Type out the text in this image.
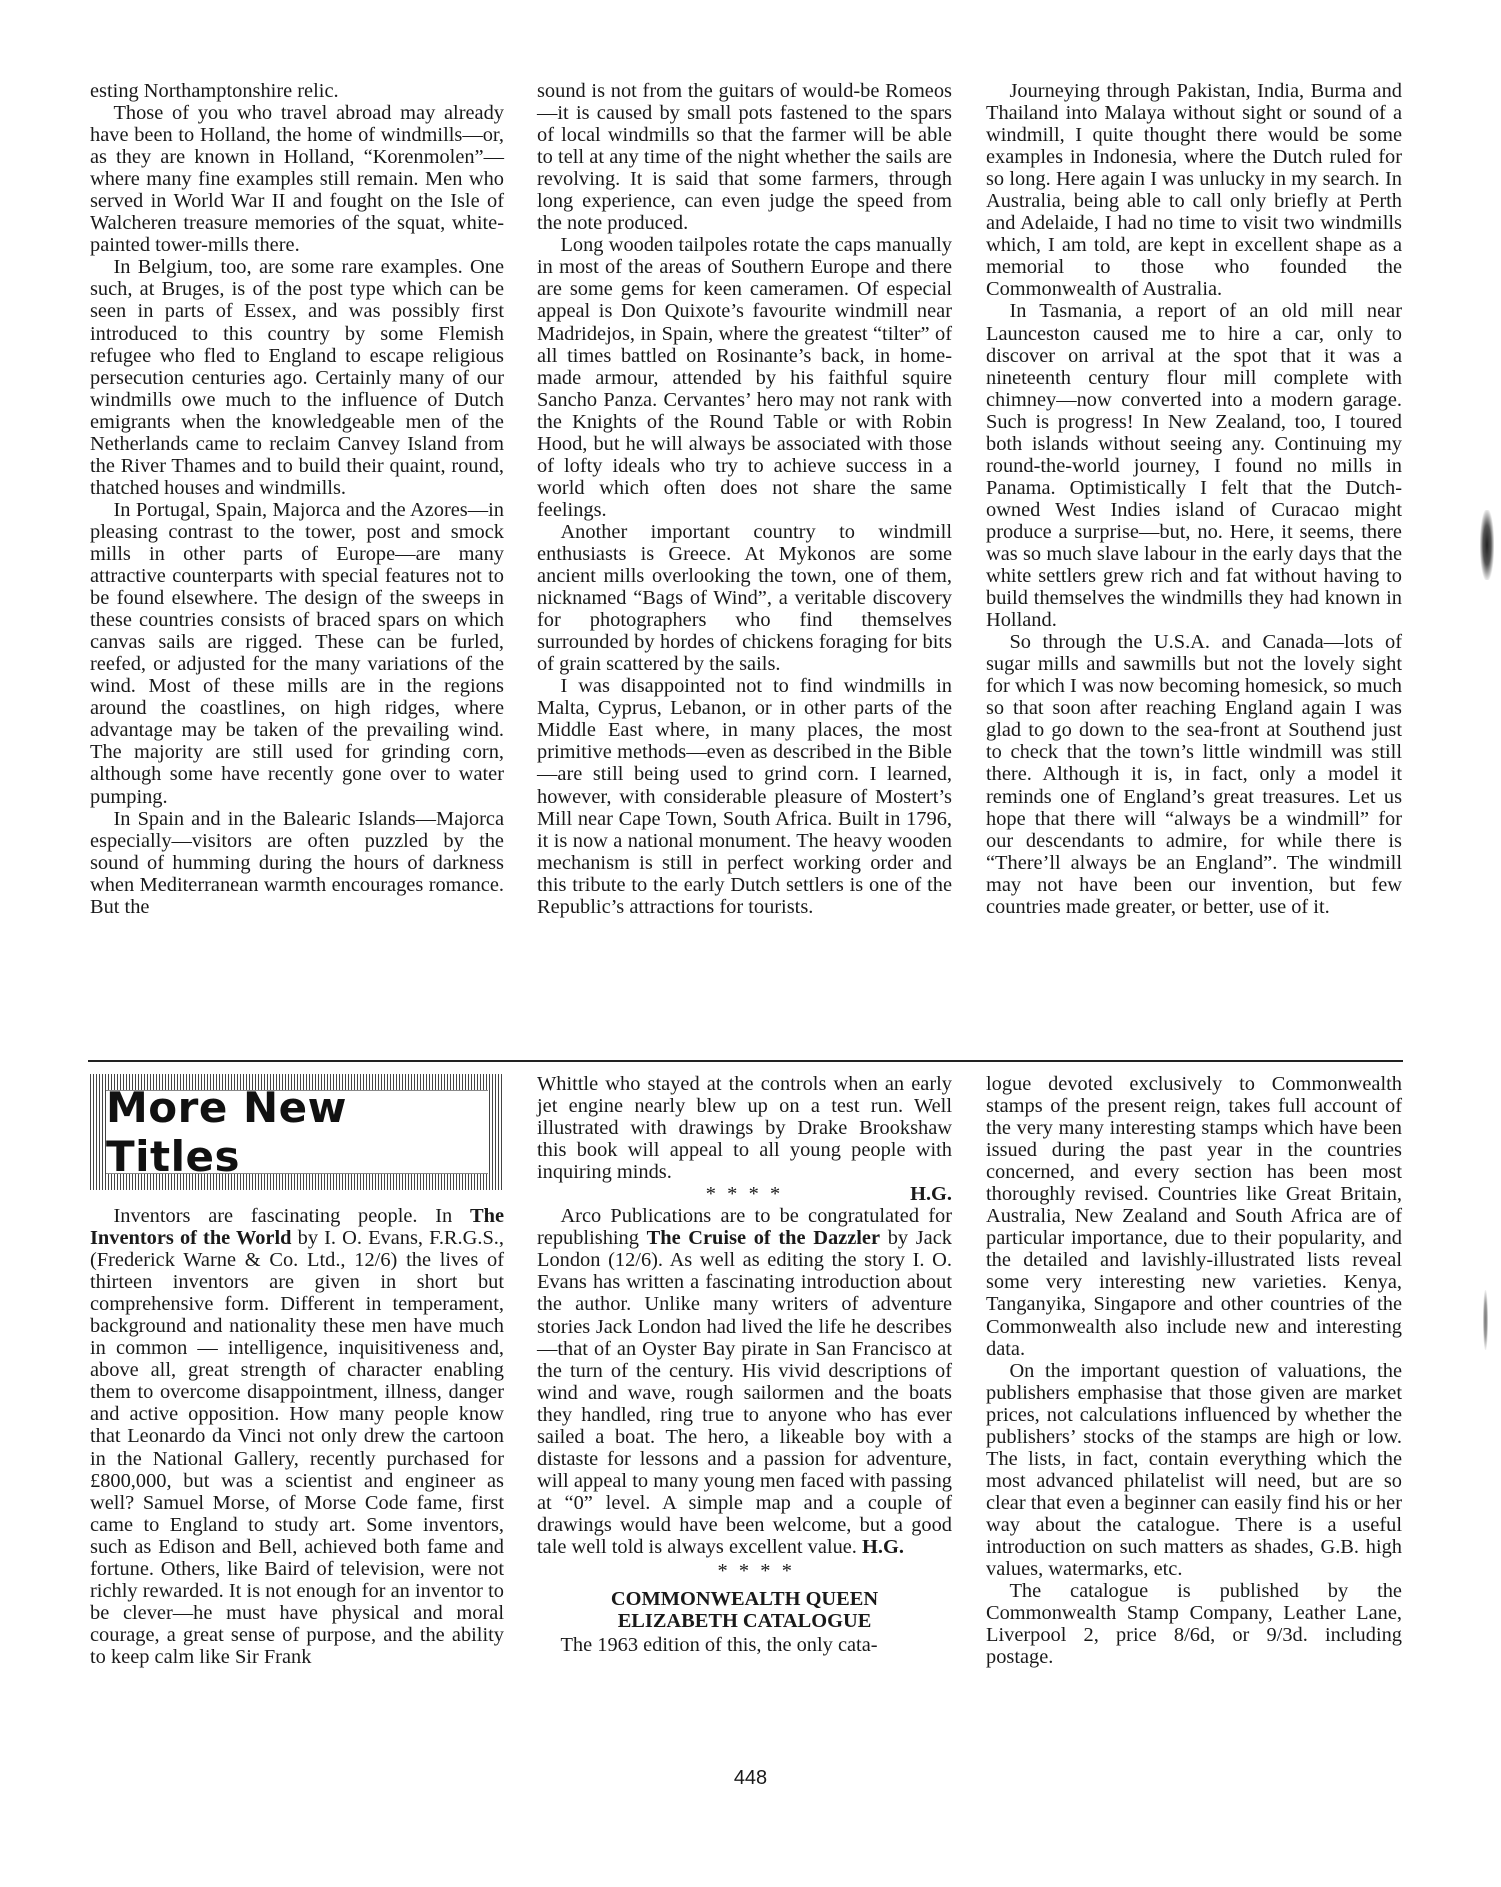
esting Northamptonshire relic.

Those of you who travel abroad may already have been to Holland, the home of windmills—or, as they are known in Holland, “Korenmolen”—where many fine examples still remain. Men who served in World War II and fought on the Isle of Walcheren treasure memories of the squat, white-painted tower-mills there.

In Belgium, too, are some rare examples. One such, at Bruges, is of the post type which can be seen in parts of Essex, and was possibly first introduced to this country by some Flemish refugee who fled to England to escape religious persecution centuries ago. Certainly many of our windmills owe much to the influence of Dutch emigrants when the knowledgeable men of the Netherlands came to reclaim Canvey Island from the River Thames and to build their quaint, round, thatched houses and windmills.

In Portugal, Spain, Majorca and the Azores—in pleasing contrast to the tower, post and smock mills in other parts of Europe—are many attractive counterparts with special features not to be found elsewhere. The design of the sweeps in these countries consists of braced spars on which canvas sails are rigged. These can be furled, reefed, or adjusted for the many variations of the wind. Most of these mills are in the regions around the coastlines, on high ridges, where advantage may be taken of the prevailing wind. The majority are still used for grinding corn, although some have recently gone over to water pumping.

In Spain and in the Balearic Islands—Majorca especially—visitors are often puzzled by the sound of humming during the hours of darkness when Mediterranean warmth encourages romance. But the

sound is not from the guitars of would-be Romeos—it is caused by small pots fastened to the spars of local windmills so that the farmer will be able to tell at any time of the night whether the sails are revolving. It is said that some farmers, through long experience, can even judge the speed from the note produced.

Long wooden tailpoles rotate the caps manually in most of the areas of Southern Europe and there are some gems for keen cameramen. Of especial appeal is Don Quixote’s favourite windmill near Madridejos, in Spain, where the greatest “tilter” of all times battled on Rosinante’s back, in home-made armour, attended by his faithful squire Sancho Panza. Cervantes’ hero may not rank with the Knights of the Round Table or with Robin Hood, but he will always be associated with those of lofty ideals who try to achieve success in a world which often does not share the same feelings.

Another important country to windmill enthusiasts is Greece. At Mykonos are some ancient mills overlooking the town, one of them, nicknamed “Bags of Wind”, a veritable discovery for photographers who find themselves surrounded by hordes of chickens foraging for bits of grain scattered by the sails.

I was disappointed not to find windmills in Malta, Cyprus, Lebanon, or in other parts of the Middle East where, in many places, the most primitive methods—even as described in the Bible—are still being used to grind corn. I learned, however, with considerable pleasure of Mostert’s Mill near Cape Town, South Africa. Built in 1796, it is now a national monument. The heavy wooden mechanism is still in perfect working order and this tribute to the early Dutch settlers is one of the Republic’s attractions for tourists.

Journeying through Pakistan, India, Burma and Thailand into Malaya without sight or sound of a windmill, I quite thought there would be some examples in Indonesia, where the Dutch ruled for so long. Here again I was unlucky in my search. In Australia, being able to call only briefly at Perth and Adelaide, I had no time to visit two windmills which, I am told, are kept in excellent shape as a memorial to those who founded the Commonwealth of Australia.

In Tasmania, a report of an old mill near Launceston caused me to hire a car, only to discover on arrival at the spot that it was a nineteenth century flour mill complete with chimney—now converted into a modern garage. Such is progress! In New Zealand, too, I toured both islands without seeing any. Continuing my round-the-world journey, I found no mills in Panama. Optimistically I felt that the Dutch-owned West Indies island of Curacao might produce a surprise—but, no. Here, it seems, there was so much slave labour in the early days that the white settlers grew rich and fat without having to build themselves the windmills they had known in Holland.

So through the U.S.A. and Canada—lots of sugar mills and sawmills but not the lovely sight for which I was now becoming homesick, so much so that soon after reaching England again I was glad to go down to the sea-front at Southend just to check that the town’s little windmill was still there. Although it is, in fact, only a model it reminds one of England’s great treasures. Let us hope that there will “always be a windmill” for our descendants to admire, for while there is “There’ll always be an England”. The windmill may not have been our invention, but few countries made greater, or better, use of it.

More New Titles

Inventors are fascinating people. In The Inventors of the World by I. O. Evans, F.R.G.S., (Frederick Warne & Co. Ltd., 12/6) the lives of thirteen inventors are given in short but comprehensive form. Different in temperament, background and nationality these men have much in common — intelligence, inquisitiveness and, above all, great strength of character enabling them to overcome disappointment, illness, danger and active opposition. How many people know that Leonardo da Vinci not only drew the cartoon in the National Gallery, recently purchased for £800,000, but was a scientist and engineer as well? Samuel Morse, of Morse Code fame, first came to England to study art. Some inventors, such as Edison and Bell, achieved both fame and fortune. Others, like Baird of television, were not richly rewarded. It is not enough for an inventor to be clever—he must have physical and moral courage, a great sense of purpose, and the ability to keep calm like Sir Frank

Whittle who stayed at the controls when an early jet engine nearly blew up on a test run. Well illustrated with drawings by Drake Brookshaw this book will appeal to all young people with inquiring minds.

* * * *	H.G.

Arco Publications are to be congratulated for republishing The Cruise of the Dazzler by Jack London (12/6). As well as editing the story I. O. Evans has written a fascinating introduction about the author. Unlike many writers of adventure stories Jack London had lived the life he describes—that of an Oyster Bay pirate in San Francisco at the turn of the century. His vivid descriptions of wind and wave, rough sailormen and the boats they handled, ring true to anyone who has ever sailed a boat. The hero, a likeable boy with a distaste for lessons and a passion for adventure, will appeal to many young men faced with passing at “0” level. A simple map and a couple of drawings would have been welcome, but a good tale well told is always excellent value. H.G.

* * * *

COMMONWEALTH QUEEN
ELIZABETH CATALOGUE

The 1963 edition of this, the only cata-

logue devoted exclusively to Commonwealth stamps of the present reign, takes full account of the very many interesting stamps which have been issued during the past year in the countries concerned, and every section has been most thoroughly revised. Countries like Great Britain, Australia, New Zealand and South Africa are of particular importance, due to their popularity, and the detailed and lavishly-illustrated lists reveal some very interesting new varieties. Kenya, Tanganyika, Singapore and other countries of the Commonwealth also include new and interesting data.

On the important question of valuations, the publishers emphasise that those given are market prices, not calculations influenced by whether the publishers’ stocks of the stamps are high or low. The lists, in fact, contain everything which the most advanced philatelist will need, but are so clear that even a beginner can easily find his or her way about the catalogue. There is a useful introduction on such matters as shades, G.B. high values, watermarks, etc.

The catalogue is published by the Commonwealth Stamp Company, Leather Lane, Liverpool 2, price 8/6d, or 9/3d. including postage.

448
